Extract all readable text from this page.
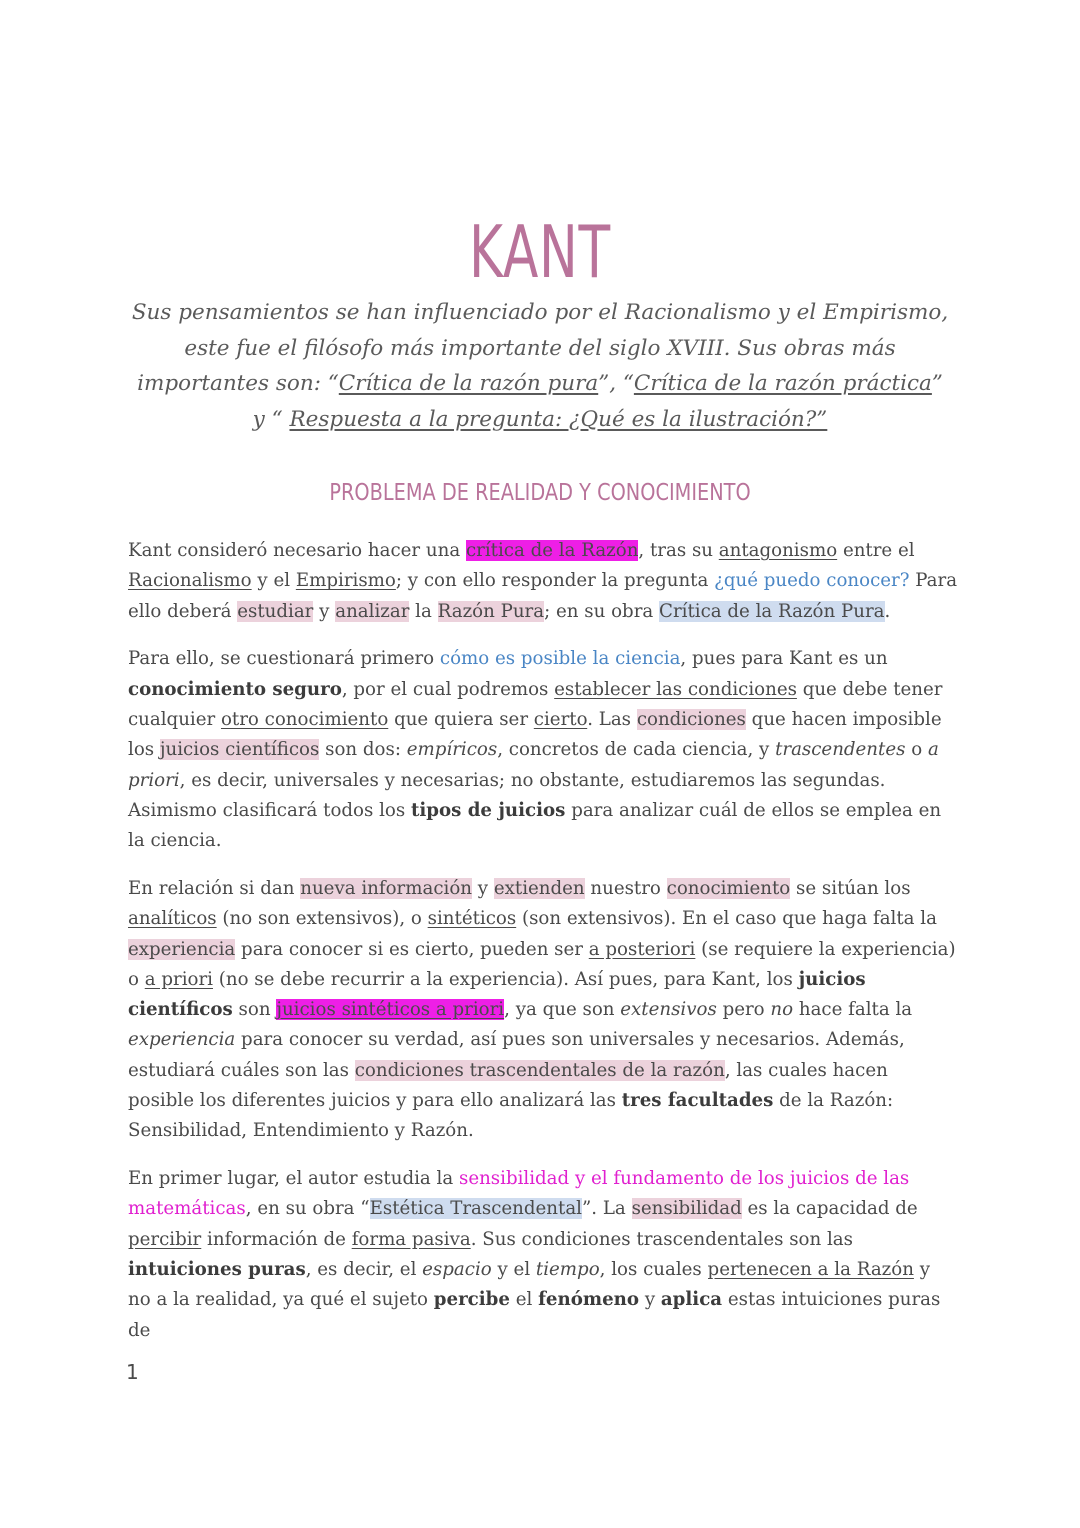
KANT

Sus pensamientos se han influenciado por el Racionalismo y el Empirismo, este fue el filósofo más importante del siglo XVIII. Sus obras más importantes son: “Crítica de la razón pura”, “Crítica de la razón práctica” y “ Respuesta a la pregunta: ¿Qué es la ilustración?”

PROBLEMA DE REALIDAD Y CONOCIMIENTO

Kant consideró necesario hacer una crítica de la Razón, tras su antagonismo entre el Racionalismo y el Empirismo; y con ello responder la pregunta ¿qué puedo conocer? Para ello deberá estudiar y analizar la Razón Pura; en su obra Crítica de la Razón Pura.

Para ello, se cuestionará primero cómo es posible la ciencia, pues para Kant es un conocimiento seguro, por el cual podremos establecer las condiciones que debe tener cualquier otro conocimiento que quiera ser cierto. Las condiciones que hacen imposible los juicios científicos son dos: empíricos, concretos de cada ciencia, y trascendentes o a priori, es decir, universales y necesarias; no obstante, estudiaremos las segundas. Asimismo clasificará todos los tipos de juicios para analizar cuál de ellos se emplea en la ciencia.

En relación si dan nueva información y extienden nuestro conocimiento se sitúan los analíticos (no son extensivos), o sintéticos (son extensivos). En el caso que haga falta la experiencia para conocer si es cierto, pueden ser a posteriori (se requiere la experiencia) o a priori (no se debe recurrir a la experiencia). Así pues, para Kant, los juicios científicos son juicios sintéticos a priori, ya que son extensivos pero no hace falta la experiencia para conocer su verdad, así pues son universales y necesarios. Además, estudiará cuáles son las condiciones trascendentales de la razón, las cuales hacen posible los diferentes juicios y para ello analizará las tres facultades de la Razón: Sensibilidad, Entendimiento y Razón.

En primer lugar, el autor estudia la sensibilidad y el fundamento de los juicios de las matemáticas, en su obra “Estética Trascendental”. La sensibilidad es la capacidad de percibir información de forma pasiva. Sus condiciones trascendentales son las intuiciones puras, es decir, el espacio y el tiempo, los cuales pertenecen a la Razón y no a la realidad, ya qué el sujeto percibe el fenómeno y aplica estas intuiciones puras de

1
